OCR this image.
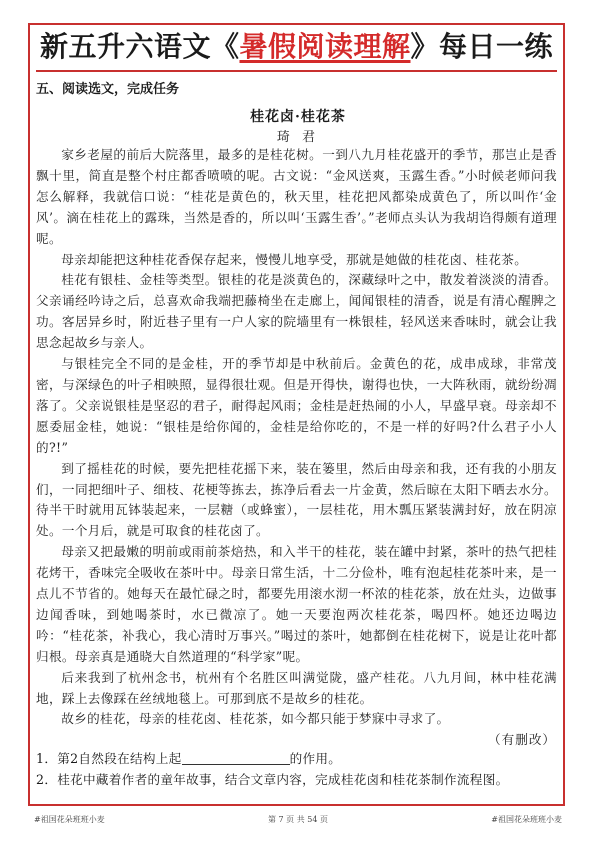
新五升六语文《暑假阅读理解》每日一练
五、阅读选文，完成任务
桂花卤·桂花茶
琦 君

家乡老屋的前后大院落里，最多的是桂花树。一到八九月桂花盛开的季节，那岂止是香飘十里，简直是整个村庄都香喷喷的呢。古文说：“金风送爽，玉露生香。”小时候老师问我怎么解释，我就信口说：“桂花是黄色的，秋天里，桂花把风都染成黄色了，所以叫作‘金风’。滴在桂花上的露珠，当然是香的，所以叫‘玉露生香’。”老师点头认为我胡诌得颇有道理呢。

母亲却能把这种桂花香保存起来，慢慢儿地享受，那就是她做的桂花卤、桂花茶。

桂花有银桂、金桂等类型。银桂的花是淡黄色的，深藏绿叶之中，散发着淡淡的清香。父亲诵经吟诗之后，总喜欢命我端把藤椅坐在走廊上，闻闻银桂的清香，说是有清心醒脾之功。客居异乡时，附近巷子里有一户人家的院墙里有一株银桂，轻风送来香味时，就会让我思念起故乡与亲人。

与银桂完全不同的是金桂，开的季节却是中秋前后。金黄色的花，成串成球，非常茂密，与深绿色的叶子相映照，显得很壮观。但是开得快，谢得也快，一大阵秋雨，就纷纷凋落了。父亲说银桂是坚忍的君子，耐得起风雨；金桂是赶热闹的小人，早盛早衰。母亲却不愿委屈金桂，她说：“银桂是给你闻的，金桂是给你吃的，不是一样的好吗?什么君子小人的?!”

到了摇桂花的时候，要先把桂花摇下来，装在篓里，然后由母亲和我，还有我的小朋友们，一同把细叶子、细枝、花梗等拣去，拣净后看去一片金黄，然后晾在太阳下晒去水分。待半干时就用瓦钵装起来，一层糖（或蜂蜜），一层桂花，用木瓢压紧装满封好，放在阴凉处。一个月后，就是可取食的桂花卤了。

母亲又把最嫩的明前或雨前茶焙热，和入半干的桂花，装在罐中封紧，茶叶的热气把桂花烤干，香味完全吸收在茶叶中。母亲日常生活，十二分俭朴，唯有泡起桂花茶叶来，是一点儿不节省的。她每天在最忙碌之时，都要先用滚水沏一杯浓的桂花茶，放在灶头，边做事边闻香味，到她喝茶时，水已微凉了。她一天要泡两次桂花茶，喝四杯。她还边喝边吟：“桂花茶，补我心，我心清时万事兴。”喝过的茶叶，她都倒在桂花树下，说是让花叶都归根。母亲真是通晓大自然道理的“科学家”呢。

后来我到了杭州念书，杭州有个名胜区叫满觉陇，盛产桂花。八九月间，林中桂花满地，踩上去像踩在丝绒地毯上。可那到底不是故乡的桂花。

故乡的桂花，母亲的桂花卤、桂花茶，如今都只能于梦寐中寻求了。

（有删改）
1．第2自然段在结构上起	的作用。
2．桂花中藏着作者的童年故事，结合文章内容，完成桂花卤和桂花茶制作流程图。
#祖国花朵班班小麦	第 7 页 共 54 页	#祖国花朵班班小麦
